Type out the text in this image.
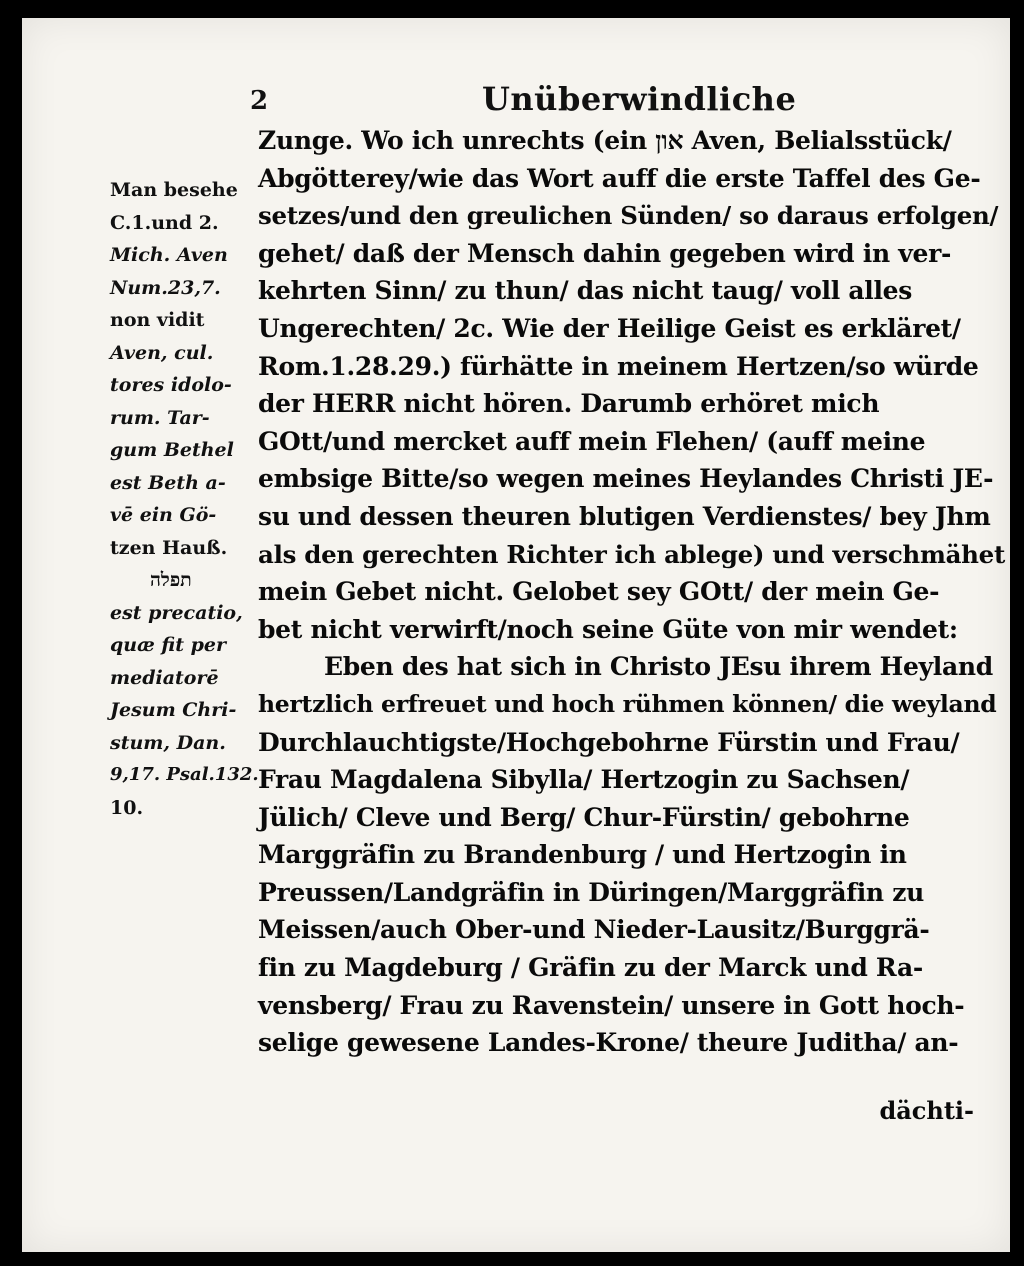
2	Unüberwindliche
Man besehe
C.1.und 2.
Mich. Aven
Num.23,7.
non vidit
Aven, cul.
tores idolo-
rum. Tar-
gum Bethel
est Beth a-
vē ein Gö-
tzen Hauß.
תפלה
est precatio,
quæ fit per
mediatorē
Jesum Chri-
stum, Dan.
9,17. Psal.132.
10.
Zunge. Wo ich unrechts (ein און Aven, Belialsstück/
Abgötterey/wie das Wort auff die erste Taffel des Ge-
setzes/und den greulichen Sünden/ so daraus erfolgen/
gehet/ daß der Mensch dahin gegeben wird in ver-
kehrten Sinn/ zu thun/ das nicht taug/ voll alles
Ungerechten/ 2c. Wie der Heilige Geist es erkläret/
Rom.1.28.29.) fürhätte in meinem Hertzen/so würde
der HERR nicht hören. Darumb erhöret mich
GOtt/und mercket auff mein Flehen/ (auff meine
embsige Bitte/so wegen meines Heylandes Christi JE-
su und dessen theuren blutigen Verdienstes/ bey Jhm
als den gerechten Richter ich ablege) und verschmähet
mein Gebet nicht. Gelobet sey GOtt/ der mein Ge-
bet nicht verwirft/noch seine Güte von mir wendet:
Eben des hat sich in Christo JEsu ihrem Heyland
hertzlich erfreuet und hoch rühmen können/ die weyland
Durchlauchtigste/Hochgebohrne Fürstin und Frau/
Frau Magdalena Sibylla/ Hertzogin zu Sachsen/
Jülich/ Cleve und Berg/ Chur-Fürstin/ gebohrne
Marggräfin zu Brandenburg / und Hertzogin in
Preussen/Landgräfin in Düringen/Marggräfin zu
Meissen/auch Ober-und Nieder-Lausitz/Burggrä-
fin zu Magdeburg / Gräfin zu der Marck und Ra-
vensberg/ Frau zu Ravenstein/ unsere in Gott hoch-
selige gewesene Landes-Krone/ theure Juditha/ an-
dächti-
